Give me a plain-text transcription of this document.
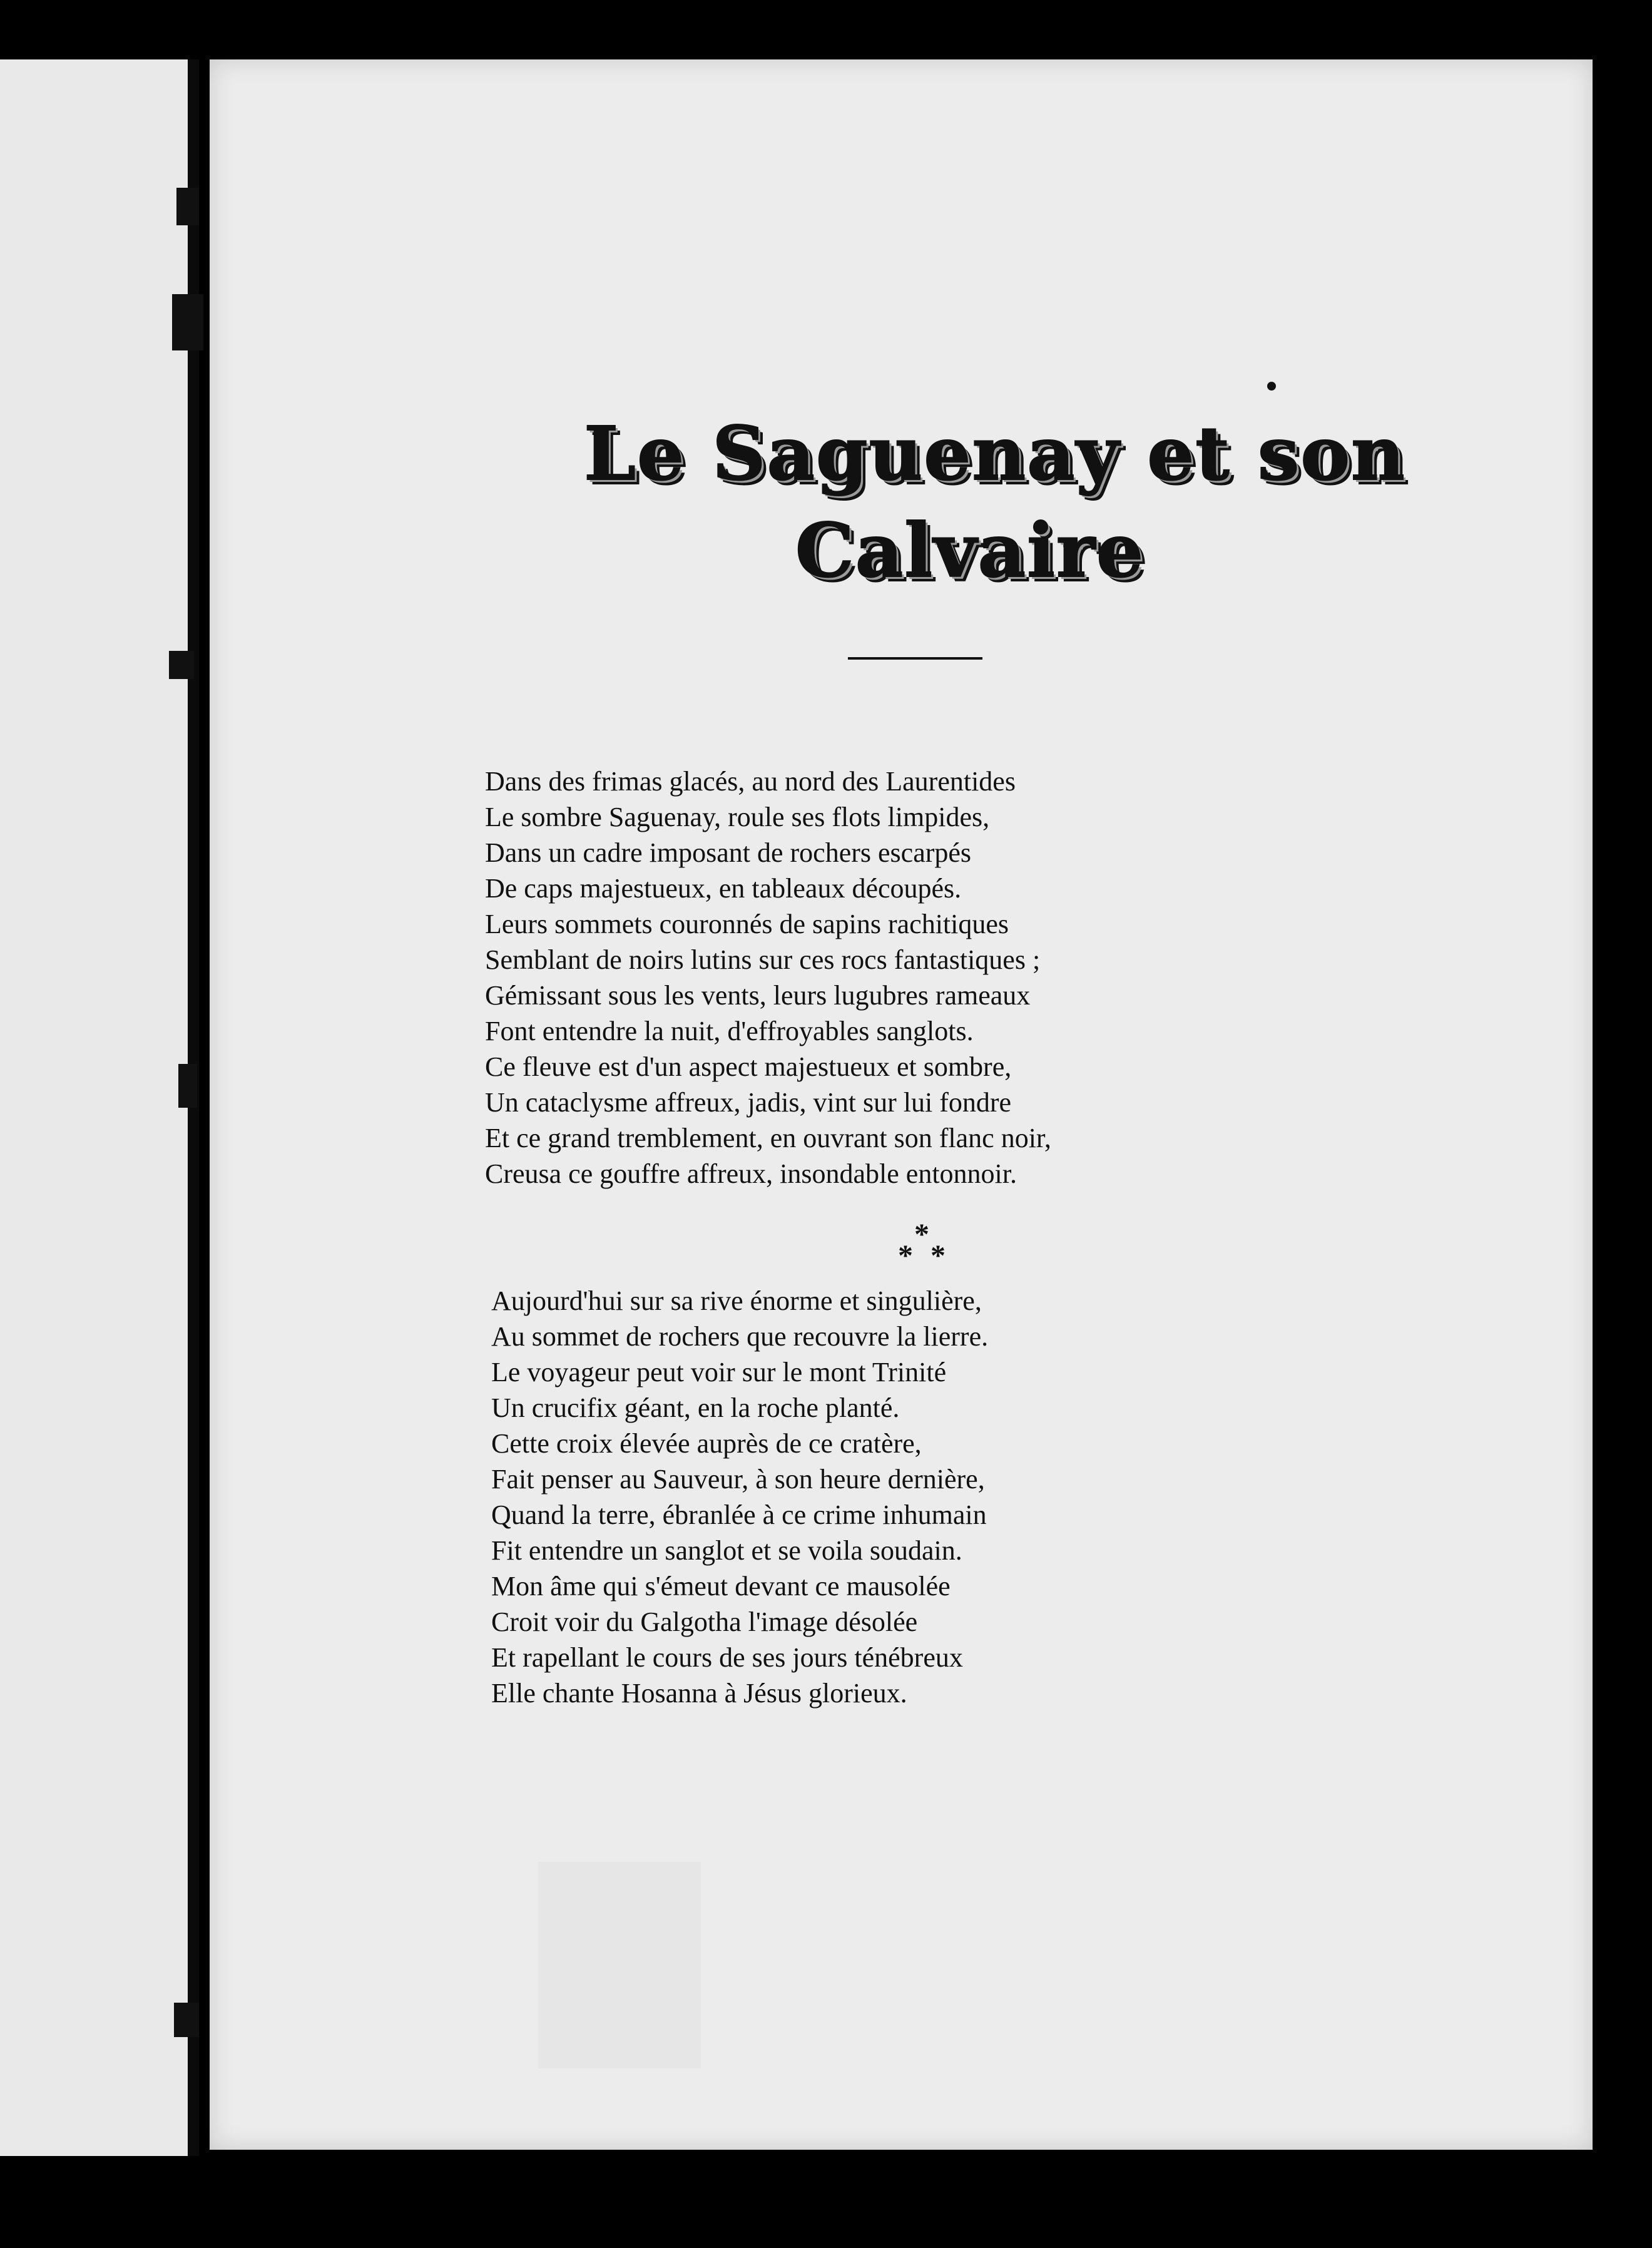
Le Saguenay et son
Calvaire
Dans des frimas glacés, au nord des Laurentides
Le sombre Saguenay, roule ses flots limpides,
Dans un cadre imposant de rochers escarpés
De caps majestueux, en tableaux découpés.
Leurs sommets couronnés de sapins rachitiques
Semblant de noirs lutins sur ces rocs fantastiques ;
Gémissant sous les vents, leurs lugubres rameaux
Font entendre la nuit, d'effroyables sanglots.
Ce fleuve est d'un aspect majestueux et sombre,
Un cataclysme affreux, jadis, vint sur lui fondre
Et ce grand tremblement, en ouvrant son flanc noir,
Creusa ce gouffre affreux, insondable entonnoir.
*
* *
Aujourd'hui sur sa rive énorme et singulière,
Au sommet de rochers que recouvre la lierre.
Le voyageur peut voir sur le mont Trinité
Un crucifix géant, en la roche planté.
Cette croix élevée auprès de ce cratère,
Fait penser au Sauveur, à son heure dernière,
Quand la terre, ébranlée à ce crime inhumain
Fit entendre un sanglot et se voila soudain.
Mon âme qui s'émeut devant ce mausolée
Croit voir du Galgotha l'image désolée
Et rapellant le cours de ses jours ténébreux
Elle chante Hosanna à Jésus glorieux.
